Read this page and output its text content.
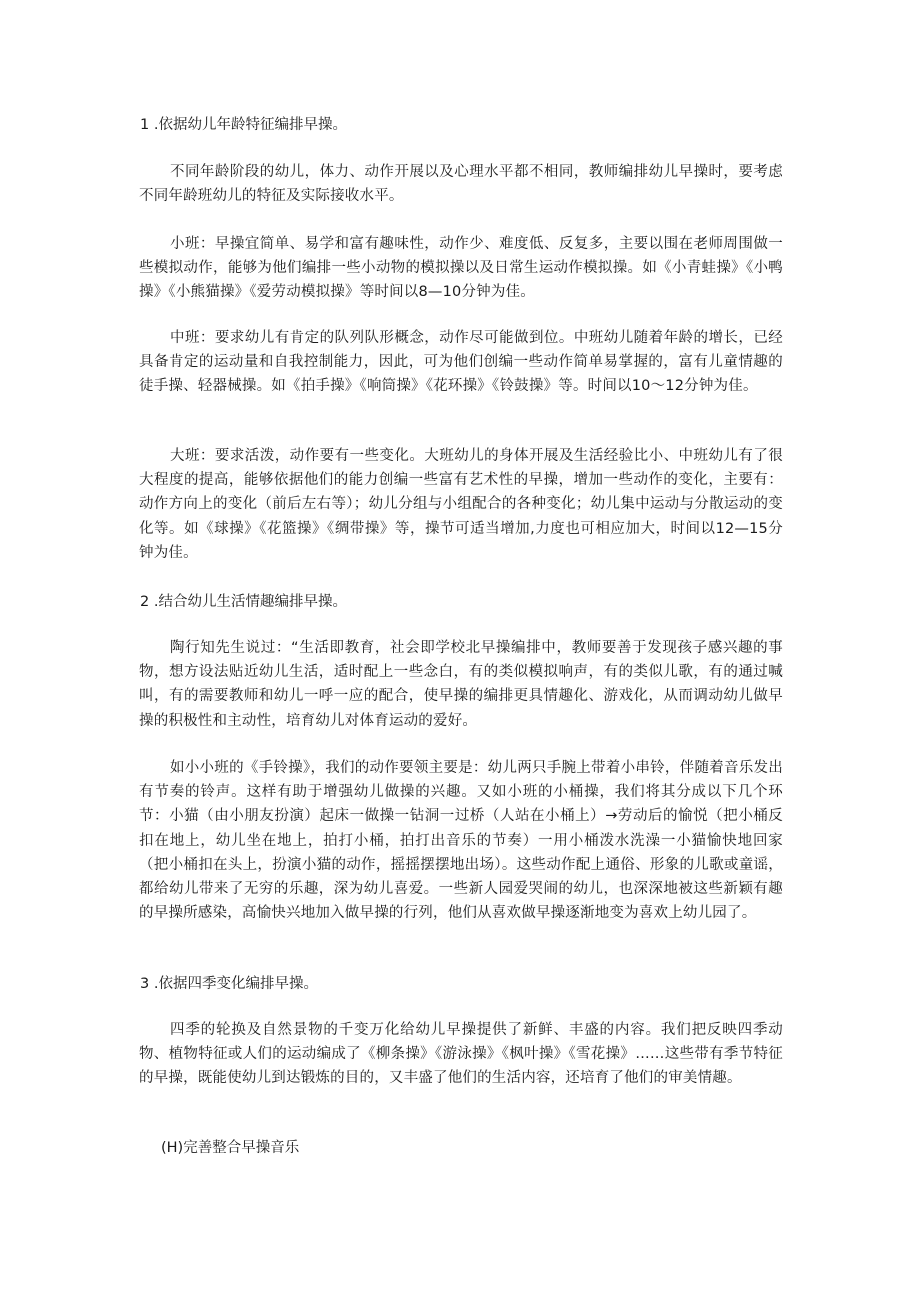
1 .依据幼儿年龄特征编排早操。

不同年龄阶段的幼儿，体力、动作开展以及心理水平都不相同，教师编排幼儿早操时，要考虑不同年龄班幼儿的特征及实际接收水平。

小班：早操宜简单、易学和富有趣味性，动作少、难度低、反复多，主要以围在老师周围做一些模拟动作，能够为他们编排一些小动物的模拟操以及日常生运动作模拟操。如《小青蛙操》《小鸭操》《小熊猫操》《爱劳动模拟操》等时间以8—10分钟为佳。

中班：要求幼儿有肯定的队列队形概念，动作尽可能做到位。中班幼儿随着年龄的增长，已经具备肯定的运动量和自我控制能力，因此，可为他们创编一些动作简单易掌握的，富有儿童情趣的徒手操、轻器械操。如《拍手操》《响筒操》《花环操》《铃鼓操》等。时间以10～12分钟为佳。

大班：要求活泼，动作要有一些变化。大班幼儿的身体开展及生活经验比小、中班幼儿有了很大程度的提高，能够依据他们的能力创编一些富有艺术性的早操，增加一些动作的变化，主要有：动作方向上的变化（前后左右等）；幼儿分组与小组配合的各种变化；幼儿集中运动与分散运动的变化等。如《球操》《花篮操》《绸带操》等，操节可适当增加,力度也可相应加大，时间以12—15分钟为佳。

2 .结合幼儿生活情趣编排早操。

陶行知先生说过：“生活即教育，社会即学校北早操编排中，教师要善于发现孩子感兴趣的事物，想方设法贴近幼儿生活，适时配上一些念白，有的类似模拟响声，有的类似儿歌，有的通过喊叫，有的需要教师和幼儿一呼一应的配合，使早操的编排更具情趣化、游戏化，从而调动幼儿做早操的积极性和主动性，培育幼儿对体育运动的爱好。

如小小班的《手铃操》，我们的动作要领主要是：幼儿两只手腕上带着小串铃，伴随着音乐发出有节奏的铃声。这样有助于增强幼儿做操的兴趣。又如小班的小桶操，我们将其分成以下几个环节：小猫（由小朋友扮演）起床一做操一钻洞一过桥（人站在小桶上）→劳动后的愉悦（把小桶反扣在地上，幼儿坐在地上，拍打小桶，拍打出音乐的节奏）一用小桶泼水洗澡一小猫愉快地回家（把小桶扣在头上，扮演小猫的动作，摇摇摆摆地出场）。这些动作配上通俗、形象的儿歌或童谣，都给幼儿带来了无穷的乐趣，深为幼儿喜爱。一些新人园爱哭闹的幼儿，也深深地被这些新颖有趣的早操所感染，高愉快兴地加入做早操的行列，他们从喜欢做早操逐渐地变为喜欢上幼儿园了。

3 .依据四季变化编排早操。

四季的轮换及自然景物的千变万化给幼儿早操提供了新鲜、丰盛的内容。我们把反映四季动物、植物特征或人们的运动编成了《柳条操》《游泳操》《枫叶操》《雪花操》……这些带有季节特征的早操，既能使幼儿到达锻炼的目的，又丰盛了他们的生活内容，还培育了他们的审美情趣。

(H)完善整合早操音乐
